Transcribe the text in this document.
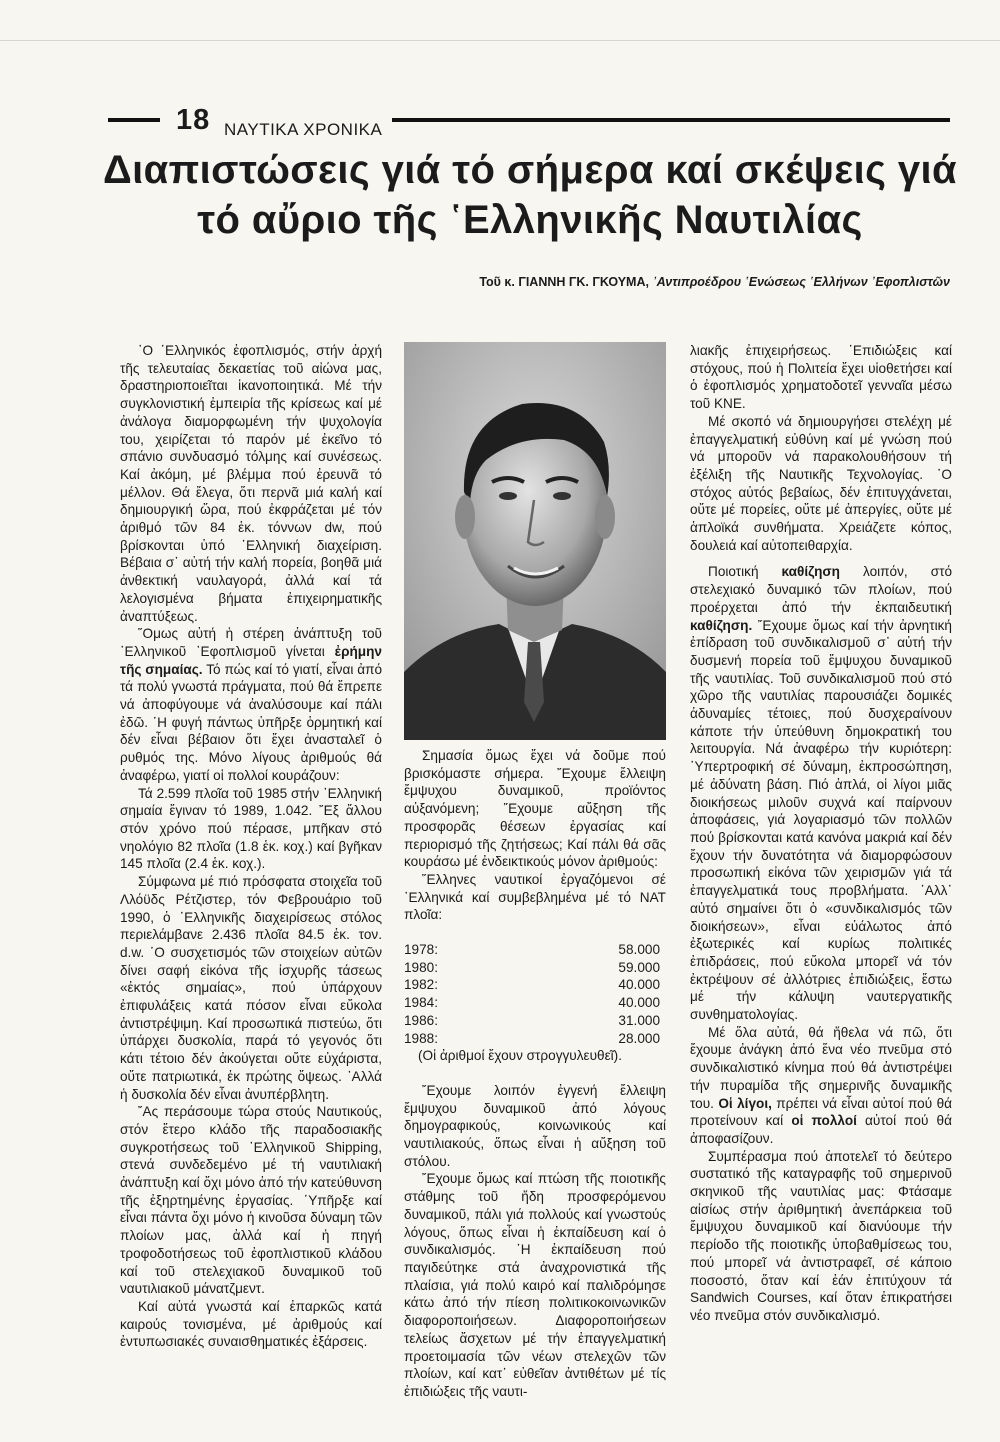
18 ΝΑΥΤΙΚΑ ΧΡΟΝΙΚΑ
Διαπιστώσεις γιά τό σήμερα καί σκέψεις γιά
τό αὔριο τῆς ῾Ελληνικῆς Ναυτιλίας
Τοῦ κ. ΓΙΑΝΝΗ ΓΚ. ΓΚΟΥΜΑ, ᾿Αντιπροέδρου ῾Ενώσεως ῾Ελλήνων ᾿Εφοπλιστῶν

῾Ο ῾Ελληνικός ἐφοπλισμός, στήν ἀρχή τῆς τελευταίας δεκαετίας τοῦ αἰώνα μας, δραστηριοποιεῖται ἱκανοποιητικά. Μέ τήν συγκλονιστική ἐμπειρία τῆς κρίσεως καί μέ ἀνάλογα διαμορφωμένη τήν ψυχολογία του, χειρίζεται τό παρόν μέ ἐκεῖνο τό σπάνιο συνδυασμό τόλμης καί συνέσεως. Καί ἀκόμη, μέ βλέμμα πού ἐρευνᾶ τό μέλλον. Θά ἔλεγα, ὅτι περνᾶ μιά καλή καί δημιουργική ὥρα, πού ἐκφράζεται μέ τόν ἀριθμό τῶν 84 ἑκ. τόννων dw, πού βρίσκονται ὑπό ῾Ελληνική διαχείριση. Βέβαια σ᾿ αὐτή τήν καλή πορεία, βοηθᾶ μιά ἀνθεκτική ναυλαγορά, ἀλλά καί τά λελογισμένα βήματα ἐπιχειρηματικῆς ἀναπτύξεως.

῞Ομως αὐτή ἡ στέρεη ἀνάπτυξη τοῦ ῾Ελληνικοῦ ᾿Εφοπλισμοῦ γίνεται ἐρήμην τῆς σημαίας. Τό πώς καί τό γιατί, εἶναι ἀπό τά πολύ γνωστά πράγματα, πού θά ἔπρεπε νά ἀποφύγουμε νά ἀναλύσουμε καί πάλι ἐδῶ. ῾Η φυγή πάντως ὑπῆρξε ὁρμητική καί δέν εἶναι βέβαιον ὅτι ἔχει ἀνασταλεῖ ὁ ρυθμός της. Μόνο λίγους ἀριθμούς θά ἀναφέρω, γιατί οἱ πολλοί κουράζουν:

Τά 2.599 πλοῖα τοῦ 1985 στήν ῾Ελληνική σημαία ἔγιναν τό 1989, 1.042. ῎Εξ ἄλλου στόν χρόνο πού πέρασε, μπῆκαν στό νηολόγιο 82 πλοῖα (1.8 ἑκ. κοχ.) καί βγῆκαν 145 πλοῖα (2.4 ἑκ. κοχ.).

Σύμφωνα μέ πιό πρόσφατα στοιχεῖα τοῦ Λλόϋδς Ρέτζιστερ, τόν Φεβρουάριο τοῦ 1990, ὁ ῾Ελληνικῆς διαχειρίσεως στόλος περιελάμβανε 2.436 πλοῖα 84.5 ἑκ. τον. d.w. ῾Ο συσχετισμός τῶν στοιχείων αὐτῶν δίνει σαφή εἰκόνα τῆς ἰσχυρῆς τάσεως «ἐκτός σημαίας», πού ὑπάρχουν ἐπιφυλάξεις κατά πόσον εἶναι εὔκολα ἀντιστρέψιμη. Καί προσωπικά πιστεύω, ὅτι ὑπάρχει δυσκολία, παρά τό γεγονός ὅτι κάτι τέτοιο δέν ἀκούγεται οὔτε εὐχάριστα, οὔτε πατριωτικά, ἐκ πρώτης ὄψεως. ᾿Αλλά ἡ δυσκολία δέν εἶναι ἀνυπέρβλητη.

῎Ας περάσουμε τώρα στούς Ναυτικούς, στόν ἕτερο κλάδο τῆς παραδοσιακῆς συγκροτήσεως τοῦ ῾Ελληνικοῦ Shipping, στενά συνδεδεμένο μέ τή ναυτιλιακή ἀνάπτυξη καί ὄχι μόνο ἀπό τήν κατεύθυνση τῆς ἐξηρτημένης ἐργασίας. ῾Υπῆρξε καί εἶναι πάντα ὄχι μόνο ἡ κινοῦσα δύναμη τῶν πλοίων μας, ἀλλά καί ἡ πηγή τροφοδοτήσεως τοῦ ἐφοπλιστικοῦ κλάδου καί τοῦ στελεχιακοῦ δυναμικοῦ τοῦ ναυτιλιακοῦ μάνατζμεντ.

Καί αὐτά γνωστά καί ἐπαρκῶς κατά καιρούς τονισμένα, μέ ἀριθμούς καί ἐντυπωσιακές συναισθηματικές ἐξάρσεις.

Σημασία ὅμως ἔχει νά δοῦμε πού βρισκόμαστε σήμερα. ῎Εχουμε ἔλλειψη ἔμψυχου δυναμικοῦ, προϊόντος αὐξανόμενη; ῎Εχουμε αὔξηση τῆς προσφορᾶς θέσεων ἐργασίας καί περιορισμό τῆς ζητήσεως; Καί πάλι θά σᾶς κουράσω μέ ἐνδεικτικούς μόνον ἀριθμούς:

῞Ελληνες ναυτικοί ἐργαζόμενοι σέ ῾Ελληνικά καί συμβεβλημένα μέ τό ΝΑΤ πλοῖα:

1978:	58.000
1980:	59.000
1982:	40.000
1984:	40.000
1986:	31.000
1988:	28.000

(Οἱ ἀριθμοί ἔχουν στρογγυλευθεῖ).

῎Εχουμε λοιπόν ἐγγενή ἔλλειψη ἔμψυχου δυναμικοῦ ἀπό λόγους δημογραφικούς, κοινωνικούς καί ναυτιλιακούς, ὅπως εἶναι ἡ αὔξηση τοῦ στόλου.

῎Εχουμε ὅμως καί πτώση τῆς ποιοτικῆς στάθμης τοῦ ἤδη προσφερόμενου δυναμικοῦ, πάλι γιά πολλούς καί γνωστούς λόγους, ὅπως εἶναι ἡ ἐκπαίδευση καί ὁ συνδικαλισμός. ῾Η ἐκπαίδευση πού παγιδεύτηκε στά ἀναχρονιστικά τῆς πλαίσια, γιά πολύ καιρό καί παλιδρόμησε κάτω ἀπό τήν πίεση πολιτικοκοινωνικῶν διαφοροποιήσεων. Διαφοροποιήσεων τελείως ἄσχετων μέ τήν ἐπαγγελματική προετοιμασία τῶν νέων στελεχῶν τῶν πλοίων, καί κατ᾿ εὐθεῖαν ἀντιθέτων μέ τίς ἐπιδιώξεις τῆς ναυτι-

λιακῆς ἐπιχειρήσεως. ᾿Επιδιώξεις καί στόχους, πού ἡ Πολιτεία ἔχει υἱοθετήσει καί ὁ ἐφοπλισμός χρηματοδοτεῖ γενναῖα μέσω τοῦ ΚΝΕ.

Μέ σκοπό νά δημιουργήσει στελέχη μέ ἐπαγγελματική εὐθύνη καί μέ γνώση πού νά μποροῦν νά παρακολουθήσουν τή ἐξέλιξη τῆς Ναυτικῆς Τεχνολογίας. ῾Ο στόχος αὐτός βεβαίως, δέν ἐπιτυγχάνεται, οὔτε μέ πορείες, οὔτε μέ ἀπεργίες, οὔτε μέ ἁπλοϊκά συνθήματα. Χρειάζετε κόπος, δουλειά καί αὐτοπειθαρχία.

Ποιοτική καθίζηση λοιπόν, στό στελεχιακό δυναμικό τῶν πλοίων, πού προέρχεται ἀπό τήν ἐκπαιδευτική καθίζηση. ῎Εχουμε ὅμως καί τήν ἀρνητική ἐπίδραση τοῦ συνδικαλισμοῦ σ᾿ αὐτή τήν δυσμενή πορεία τοῦ ἔμψυχου δυναμικοῦ τῆς ναυτιλίας. Τοῦ συνδικαλισμοῦ πού στό χῶρο τῆς ναυτιλίας παρουσιάζει δομικές ἀδυναμίες τέτοιες, πού δυσχεραίνουν κάποτε τήν ὑπεύθυνη δημοκρατική του λειτουργία. Νά ἀναφέρω τήν κυριότερη: ῾Υπερτροφική σέ δύναμη, ἐκπροσώπηση, μέ ἀδύνατη βάση. Πιό ἁπλά, οἱ λίγοι μιᾶς διοικήσεως μιλοῦν συχνά καί παίρνουν ἀποφάσεις, γιά λογαριασμό τῶν πολλῶν πού βρίσκονται κατά κανόνα μακριά καί δέν ἔχουν τήν δυνατότητα νά διαμορφώσουν προσωπική εἰκόνα τῶν χειρισμῶν γιά τά ἐπαγγελματικά τους προβλήματα. ᾿Αλλ᾿ αὐτό σημαίνει ὅτι ὁ «συνδικαλισμός τῶν διοικήσεων», εἶναι εὐάλωτος ἀπό ἐξωτερικές καί κυρίως πολιτικές ἐπιδράσεις, πού εὔκολα μπορεῖ νά τόν ἐκτρέψουν σέ ἀλλότριες ἐπιδιώξεις, ἔστω μέ τήν κάλυψη ναυτεργατικῆς συνθηματολογίας.

Μέ ὅλα αὐτά, θά ἤθελα νά πῶ, ὅτι ἔχουμε ἀνάγκη ἀπό ἕνα νέο πνεῦμα στό συνδικαλιστικό κίνημα πού θά ἀντιστρέψει τήν πυραμίδα τῆς σημερινῆς δυναμικῆς του. Οἱ λίγοι, πρέπει νά εἶναι αὐτοί πού θά προτείνουν καί οἱ πολλοί αὐτοί πού θά ἀποφασίζουν.

Συμπέρασμα πού ἀποτελεῖ τό δεύτερο συστατικό τῆς καταγραφῆς τοῦ σημερινοῦ σκηνικοῦ τῆς ναυτιλίας μας: Φτάσαμε αἰσίως στήν ἀριθμητική ἀνεπάρκεια τοῦ ἔμψυχου δυναμικοῦ καί διανύουμε τήν περίοδο τῆς ποιοτικῆς ὑποβαθμίσεως του, πού μπορεῖ νά ἀντιστραφεῖ, σέ κάποιο ποσοστό, ὅταν καί ἐάν ἐπιτύχουν τά Sandwich Courses, καί ὅταν ἐπικρατήσει νέο πνεῦμα στόν συνδικαλισμό.
